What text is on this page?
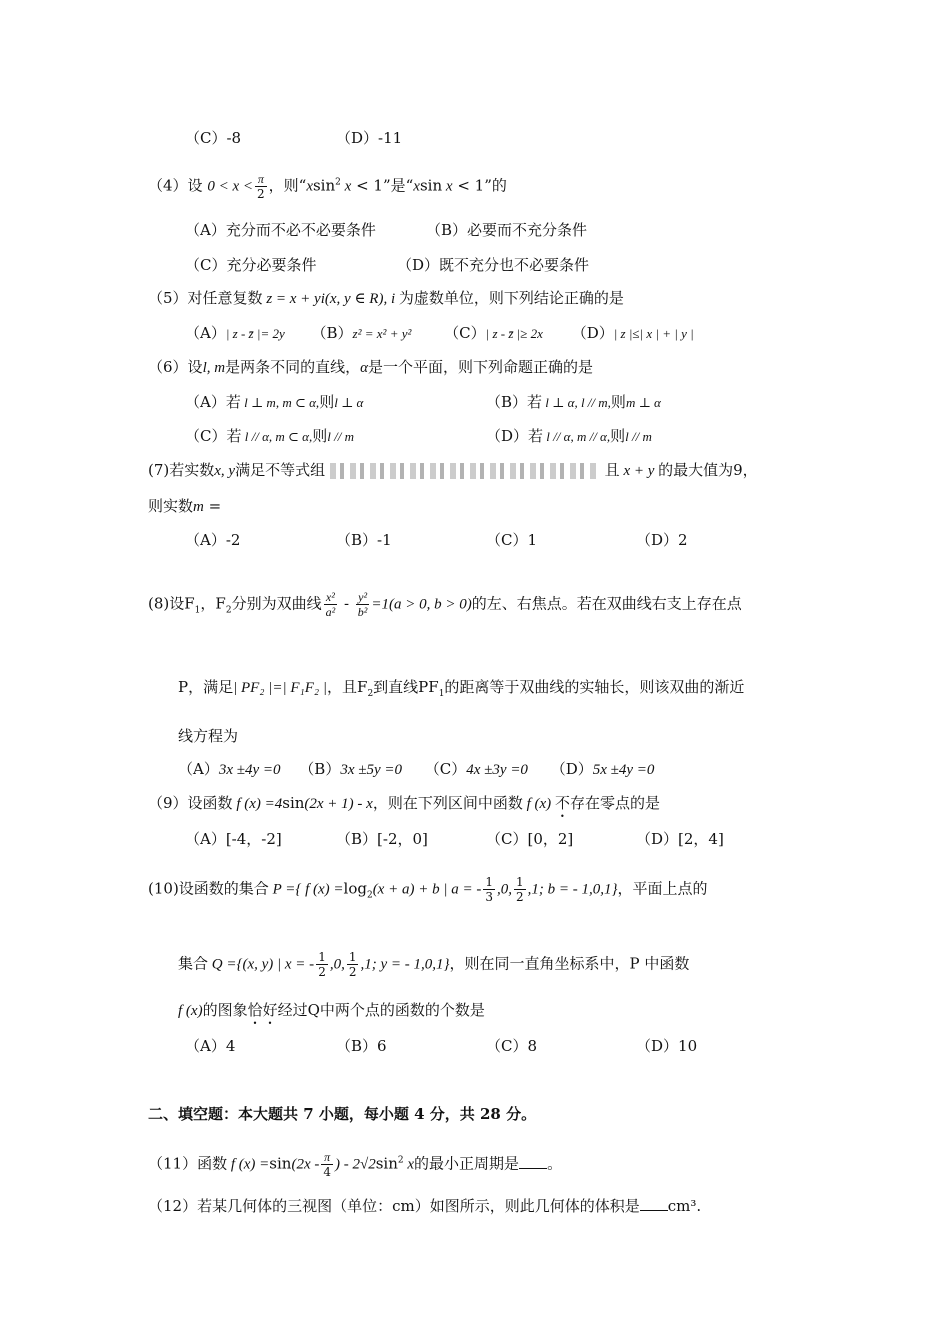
（C）-8	（D）-11
（4）设 $0 < x < \frac{\pi}{2}$ ，则“xsin$^2$ x < 1”是“xsin x < 1”的
（A）充分而不必不必要条件	（B）必要而不充分条件
（C）充分必要条件	（D）既不充分也不必要条件
（5）对任意复数 z = x + yi(x, y ∈ R), i 为虚数单位，则下列结论正确的是
（A）| z - z̄ |= 2y （B）z² = x² + y² （C）| z - z̄ |≥ 2x （D）| z |≤| x | + | y |
（6）设l, m是两条不同的直线，α是一个平面，则下列命题正确的是
（A）若 l ⊥ m, m ⊂ α,则l ⊥ α	（B）若 l ⊥ α, l // m,则m ⊥ α
（C）若 l // α, m ⊂ α,则l // m	（D）若 l // α, m // α,则l // m
(7)若实数x, y满足不等式组	且 x + y 的最大值为9，
则实数m =
（A）-2	（B）-1	（C）1	（D）2
(8)设$F_1$，$F_2$分别为双曲线 $\frac{\text{x²}}{\text{a²}} - \frac{\text{y²}}{\text{b²}} =1(a > 0$, b > 0)的左、右焦点。若在双曲线右支上存在点
P，满足| PF₂ |=| F₁F₂ |，且$F_2$到直线$PF_1$的距离等于双曲线的实轴长，则该双曲的渐近
线方程为
（A）3x ±4y =0 （B）3x ±5y =0 （C）4x ±3y =0 （D）5x ±4y =0
（9）设函数 f (x) =4sin(2x + 1) - x，则在下列区间中函数 f (x) 不存在零点的是
（A）[-4，-2]	（B）[-2，0]	（C）[0，2]	（D）[2，4]
(10)设函数的集合 P ={ f $(x) =\log_2(x + a) + b$ | a = - $\frac{1}{3} ,0$, $\frac{1}{2} ,1$; b = - 1,0,1}，平面上点的
集合 Q ={(x, y) | x = - $\frac{1}{2} ,0$, $\frac{1}{2} ,1$; y = - 1,0,1}，则在同一直角坐标系中，P 中函数
f (x)的图象恰好经过Q中两个点的函数的个数是
（A）4	（B）6	（C）8	（D）10
二、填空题：本大题共 7 小题，每小题 4 分，共 28 分。
（11）函数 f $(x) =\sin(2x - \frac{\pi}{4}$ ) - $2√2\sin^2$ x的最小正周期是 。
（12）若某几何体的三视图（单位：cm）如图所示，则此几何体的体积是 cm³.
